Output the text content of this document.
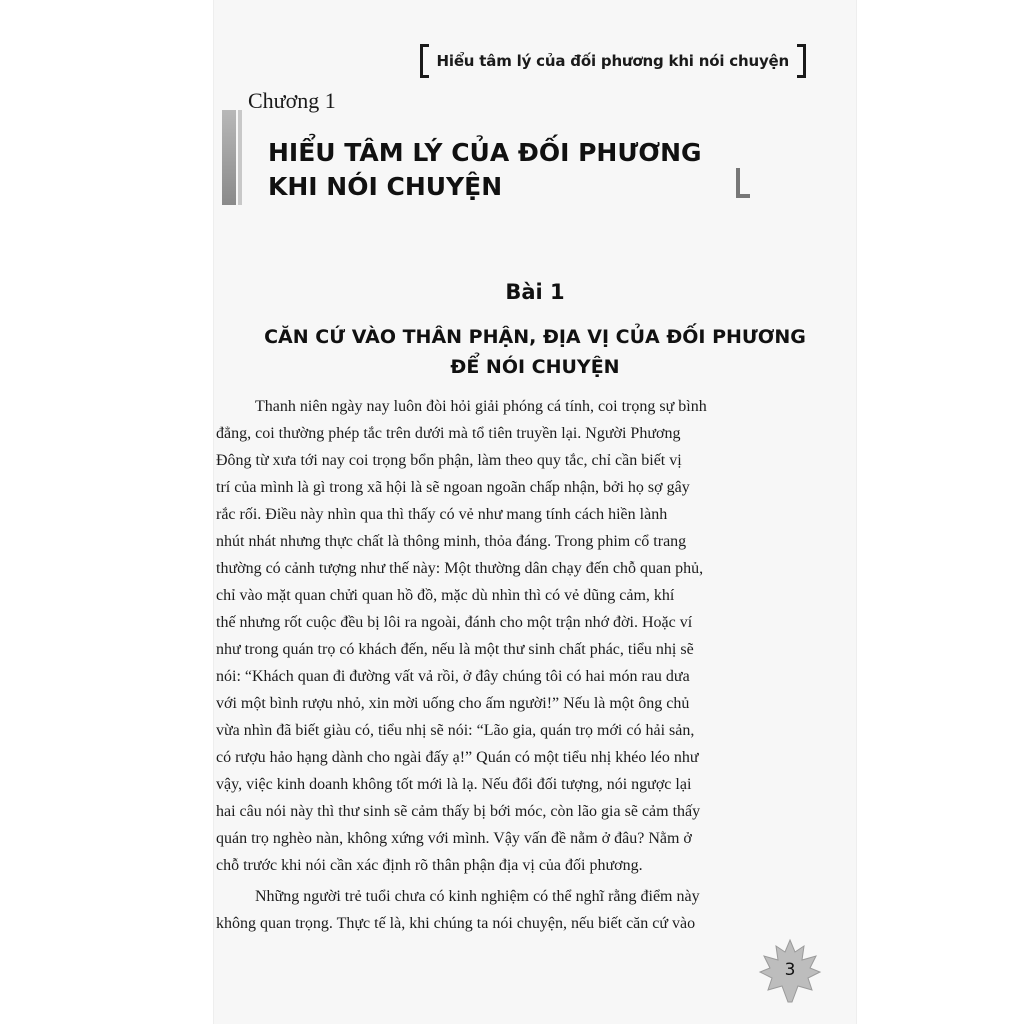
Hiểu tâm lý của đối phương khi nói chuyện
Chương 1
HIỂU TÂM LÝ CỦA ĐỐI PHƯƠNG
KHI NÓI CHUYỆN
Bài 1
CĂN CỨ VÀO THÂN PHẬN, ĐỊA VỊ CỦA ĐỐI PHƯƠNG
ĐỂ NÓI CHUYỆN
Thanh niên ngày nay luôn đòi hỏi giải phóng cá tính, coi trọng sự bình
đẳng, coi thường phép tắc trên dưới mà tổ tiên truyền lại. Người Phương
Đông từ xưa tới nay coi trọng bổn phận, làm theo quy tắc, chỉ cần biết vị
trí của mình là gì trong xã hội là sẽ ngoan ngoãn chấp nhận, bởi họ sợ gây
rắc rối. Điều này nhìn qua thì thấy có vẻ như mang tính cách hiền lành
nhút nhát nhưng thực chất là thông minh, thỏa đáng. Trong phim cổ trang
thường có cảnh tượng như thế này: Một thường dân chạy đến chỗ quan phủ,
chỉ vào mặt quan chửi quan hồ đồ, mặc dù nhìn thì có vẻ dũng cảm, khí
thế nhưng rốt cuộc đều bị lôi ra ngoài, đánh cho một trận nhớ đời. Hoặc ví
như trong quán trọ có khách đến, nếu là một thư sinh chất phác, tiểu nhị sẽ
nói: “Khách quan đi đường vất vả rồi, ở đây chúng tôi có hai món rau dưa
với một bình rượu nhỏ, xin mời uống cho ấm người!” Nếu là một ông chủ
vừa nhìn đã biết giàu có, tiểu nhị sẽ nói: “Lão gia, quán trọ mới có hải sản,
có rượu hảo hạng dành cho ngài đấy ạ!” Quán có một tiểu nhị khéo léo như
vậy, việc kinh doanh không tốt mới là lạ. Nếu đổi đối tượng, nói ngược lại
hai câu nói này thì thư sinh sẽ cảm thấy bị bới móc, còn lão gia sẽ cảm thấy
quán trọ nghèo nàn, không xứng với mình. Vậy vấn đề nằm ở đâu? Nằm ở
chỗ trước khi nói cần xác định rõ thân phận địa vị của đối phương.
Những người trẻ tuổi chưa có kinh nghiệm có thể nghĩ rằng điểm này
không quan trọng. Thực tế là, khi chúng ta nói chuyện, nếu biết căn cứ vào
3
